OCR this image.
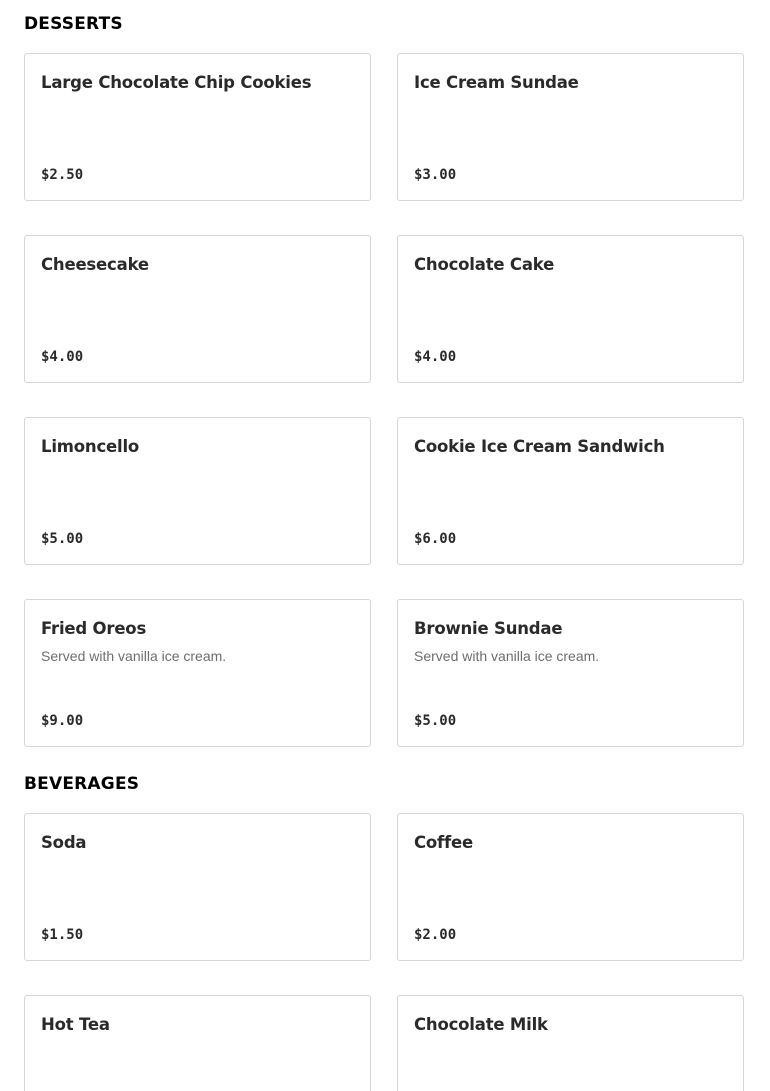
DESSERTS
Large Chocolate Chip Cookies
$2.50
Ice Cream Sundae
$3.00
Cheesecake
$4.00
Chocolate Cake
$4.00
Limoncello
$5.00
Cookie Ice Cream Sandwich
$6.00
Fried Oreos
Served with vanilla ice cream.
$9.00
Brownie Sundae
Served with vanilla ice cream.
$5.00
BEVERAGES
Soda
$1.50
Coffee
$2.00
Hot Tea	Chocolate Milk
